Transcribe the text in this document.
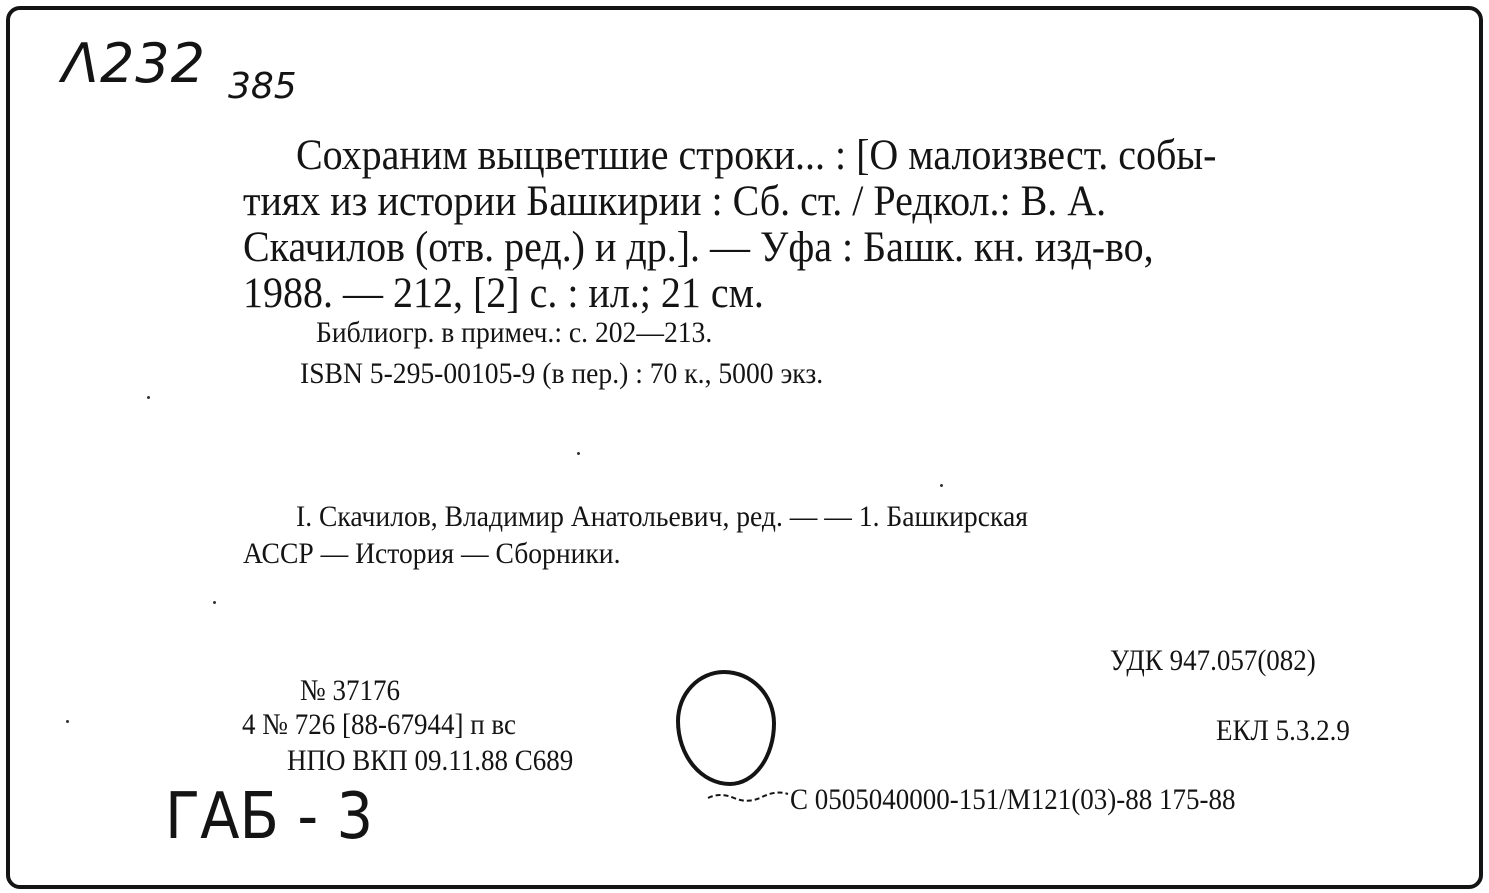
Λ232 385
Сохраним выцветшие строки... : [О малоизвест. собы-
тиях из истории Башкирии : Сб. ст. / Редкол.: В. А.
Скачилов (отв. ред.) и др.]. — Уфа : Башк. кн. изд-во,
1988. — 212, [2] с. : ил.; 21 см.
Библиогр. в примеч.: с. 202—213.
ISBN 5-295-00105-9 (в пер.) : 70 к., 5000 экз.
I. Скачилов, Владимир Анатольевич, ред. — — 1. Башкирская
АССР — История — Сборники.
УДК 947.057(082)
№ 37176
4 № 726 [88-67944] п вс	ЕКЛ 5.3.2.9
НПО ВКП 09.11.88 С689
С 0505040000-151/М121(03)-88 175-88
ГАБ - 3
